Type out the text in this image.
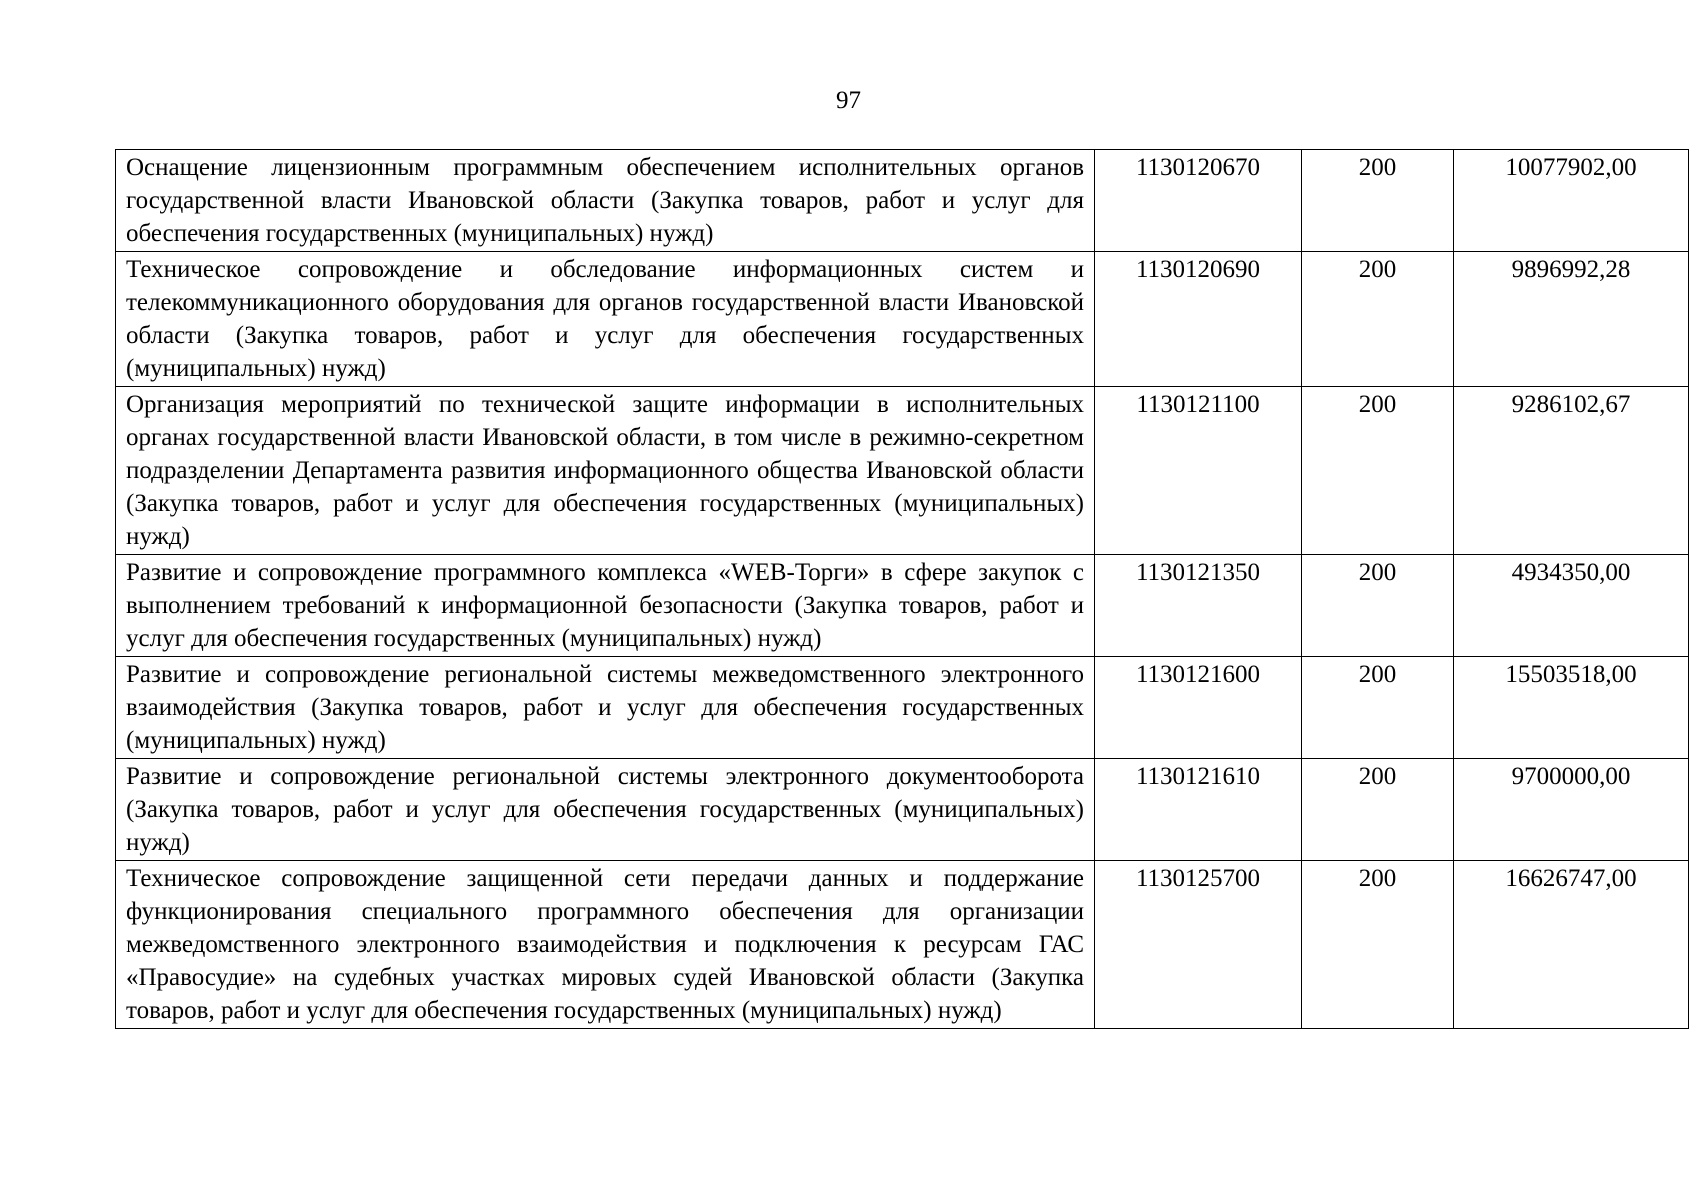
97
Оснащение лицензионным программным обеспечением исполнительных органов государственной власти Ивановской области (Закупка товаров, работ и услуг для обеспечения государственных (муниципальных) нужд)	1130120670	200	10077902,00
Техническое сопровождение и обследование информационных систем и телекоммуникационного оборудования для органов государственной власти Ивановской области (Закупка товаров, работ и услуг для обеспечения государственных (муниципальных) нужд)	1130120690	200	9896992,28
Организация мероприятий по технической защите информации в исполнительных органах государственной власти Ивановской области, в том числе в режимно-секретном подразделении Департамента развития информационного общества Ивановской области (Закупка товаров, работ и услуг для обеспечения государственных (муниципальных) нужд)	1130121100	200	9286102,67
Развитие и сопровождение программного комплекса «WEB-Торги» в сфере закупок с выполнением требований к информационной безопасности (Закупка товаров, работ и услуг для обеспечения государственных (муниципальных) нужд)	1130121350	200	4934350,00
Развитие и сопровождение региональной системы межведомственного электронного взаимодействия (Закупка товаров, работ и услуг для обеспечения государственных (муниципальных) нужд)	1130121600	200	15503518,00
Развитие и сопровождение региональной системы электронного документооборота (Закупка товаров, работ и услуг для обеспечения государственных (муниципальных) нужд)	1130121610	200	9700000,00
Техническое сопровождение защищенной сети передачи данных и поддержание функционирования специального программного обеспечения для организации межведомственного электронного взаимодействия и подключения к ресурсам ГАС «Правосудие» на судебных участках мировых судей Ивановской области (Закупка товаров, работ и услуг для обеспечения государственных (муниципальных) нужд)	1130125700	200	16626747,00
